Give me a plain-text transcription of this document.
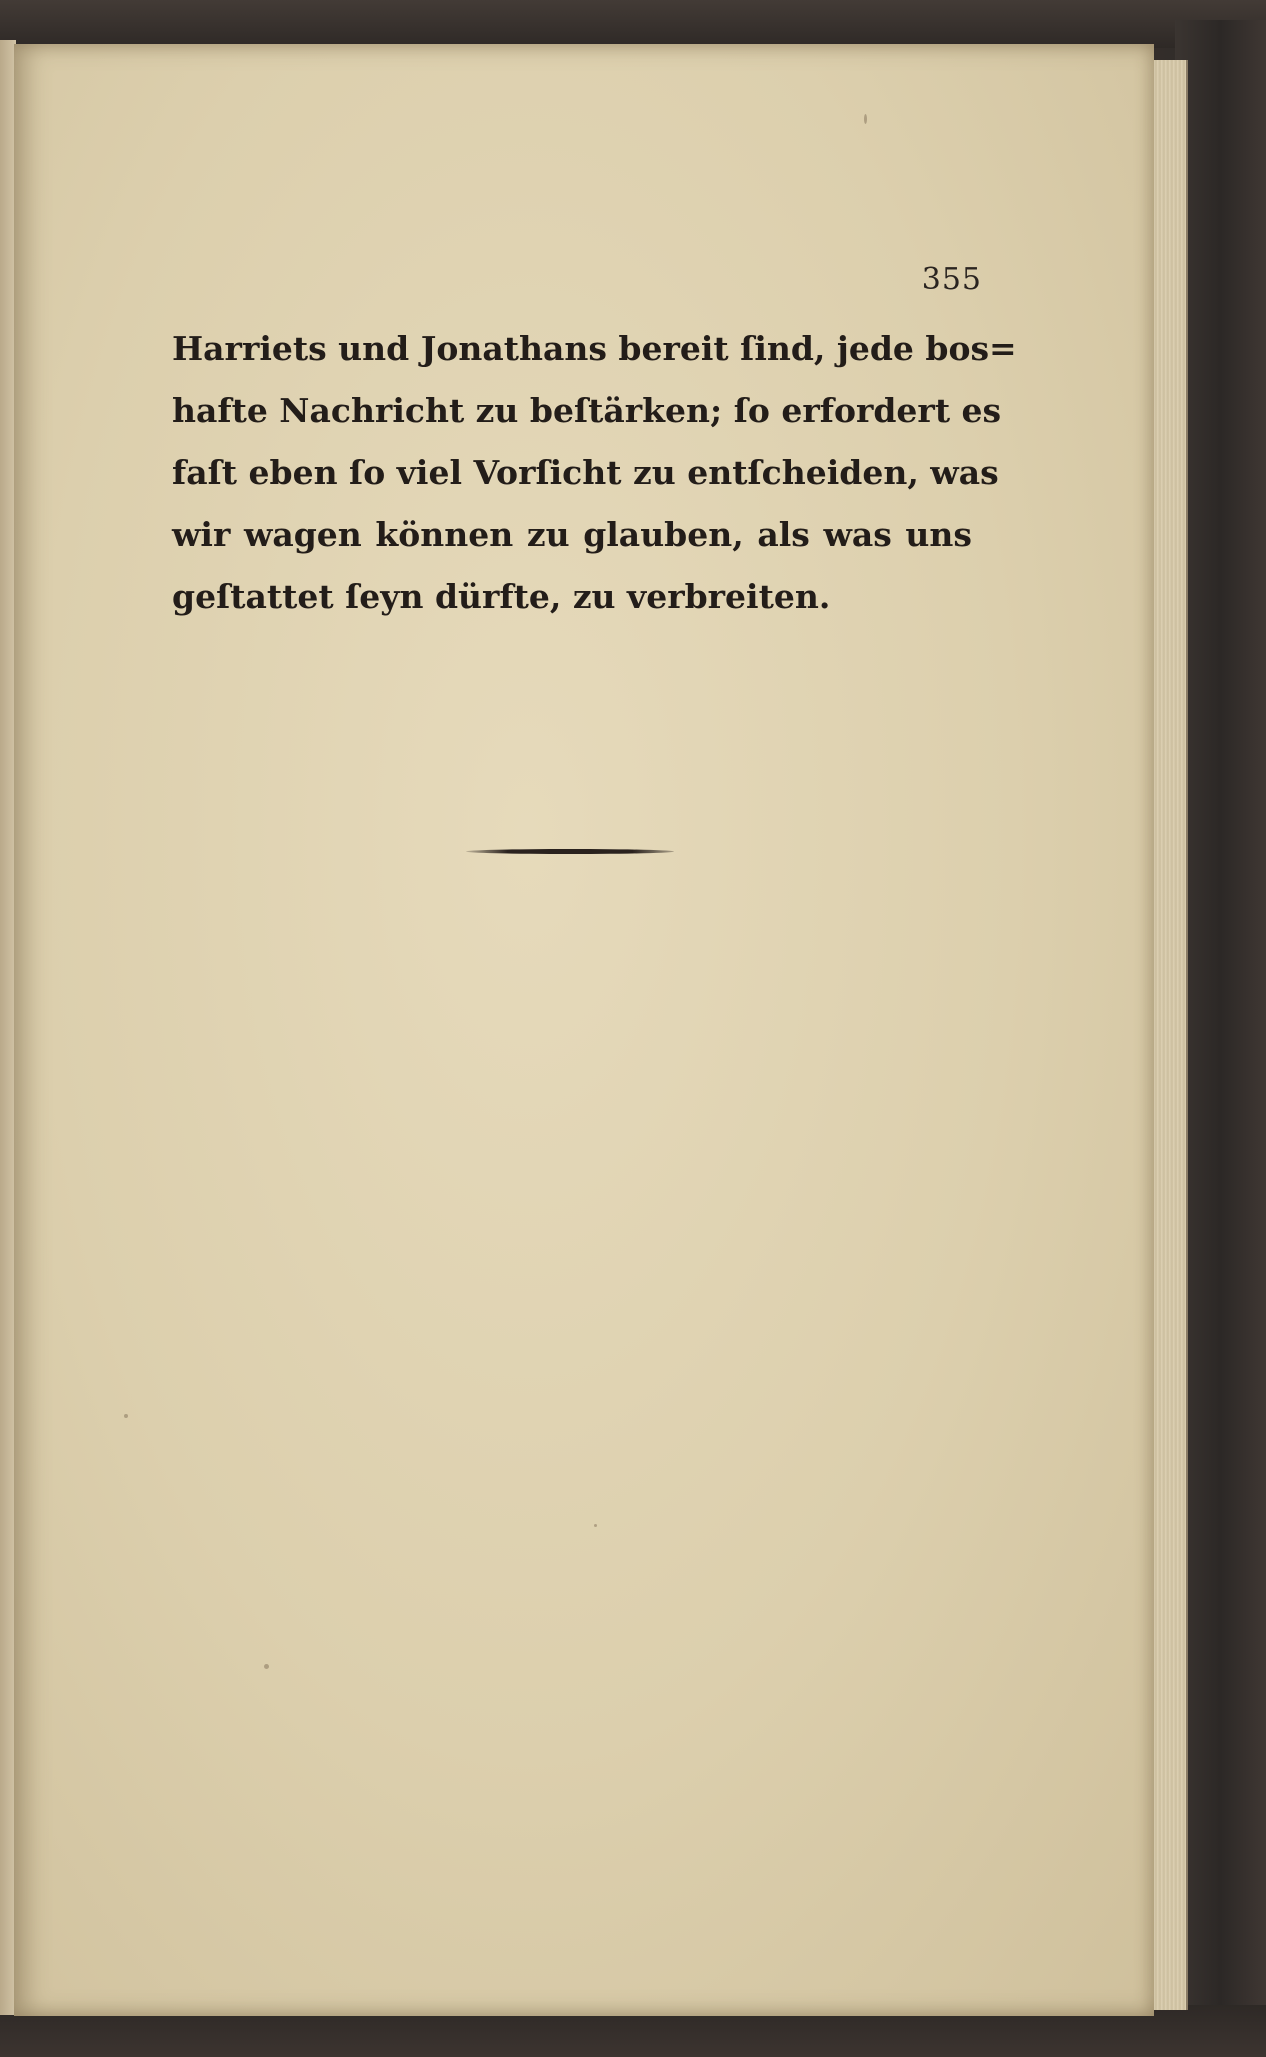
355
Harriets und Jonathans bereit ſind, jede bos=
hafte Nachricht zu beſtärken; ſo erfordert es
faſt eben ſo viel Vorſicht zu entſcheiden, was
wir wagen können zu glauben, als was uns
geſtattet ſeyn dürfte, zu verbreiten.
